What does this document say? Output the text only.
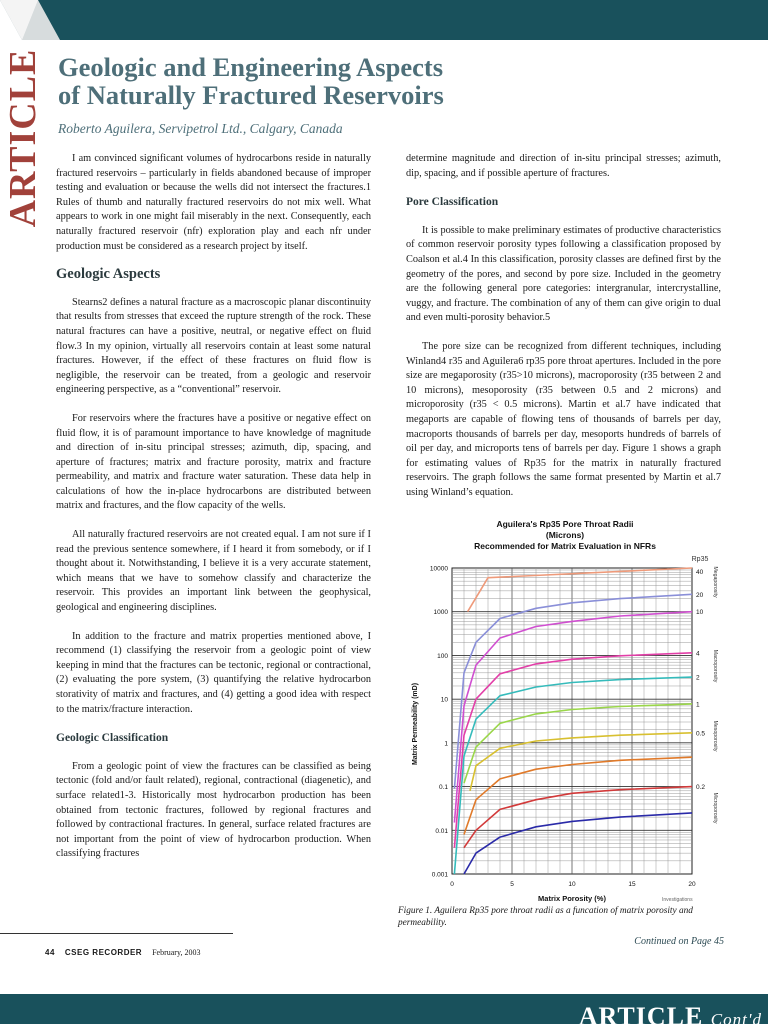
ARTICLE Geologic and Engineering Aspects
of Naturally Fractured Reservoirs

Roberto Aguilera, Servipetrol Ltd., Calgary, Canada

I am convinced significant volumes of hydrocarbons reside in naturally fractured reservoirs – particularly in fields abandoned because of improper testing and evaluation or because the wells did not intersect the fractures.1 Rules of thumb and naturally fractured reservoirs do not mix well. What appears to work in one might fail miserably in the next. Consequently, each naturally fractured reservoir (nfr) exploration play and each nfr under production must be considered as a research project by itself.

Geologic Aspects

Stearns2 defines a natural fracture as a macroscopic planar discontinuity that results from stresses that exceed the rupture strength of the rock. These natural fractures can have a positive, neutral, or negative effect on fluid flow.3 In my opinion, virtually all reservoirs contain at least some natural fractures. However, if the effect of these fractures on fluid flow is negligible, the reservoir can be treated, from a geologic and reservoir engineering perspective, as a “conventional” reservoir.

For reservoirs where the fractures have a positive or negative effect on fluid flow, it is of paramount importance to have knowledge of magnitude and direction of in-situ principal stresses; azimuth, dip, spacing, and aperture of fractures; matrix and fracture porosity, matrix and fracture permeability, and matrix and fracture water saturation. These data help in calculations of how the in-place hydrocarbons are distributed between matrix and fractures, and the flow capacity of the wells.

All naturally fractured reservoirs are not created equal. I am not sure if I read the previous sentence somewhere, if I heard it from somebody, or if I thought about it. Notwithstanding, I believe it is a very accurate statement, which means that we have to somehow classify and characterize the reservoir. This provides an important link between the geophysical, geological and engineering disciplines.

In addition to the fracture and matrix properties mentioned above, I recommend (1) classifying the reservoir from a geologic point of view keeping in mind that the fractures can be tectonic, regional or contractional, (2) evaluating the pore system, (3) quantifying the relative hydrocarbon storativity of matrix and fractures, and (4) getting a good idea with respect to the matrix/fracture interaction.

Geologic Classification

From a geologic point of view the fractures can be classified as being tectonic (fold and/or fault related), regional, contractional (diagenetic), and surface related1-3. Historically most hydrocarbon production has been obtained from tectonic fractures, followed by regional fractures and followed by contractional fractures. In general, surface related fractures are not important from the point of view of hydrocarbon production. When classifying fractures

determine magnitude and direction of in-situ principal stresses; azimuth, dip, spacing, and if possible aperture of fractures.

Pore Classification

It is possible to make preliminary estimates of productive characteristics of common reservoir porosity types following a classification proposed by Coalson et al.4 In this classification, porosity classes are defined first by the geometry of the pores, and second by pore size. Included in the geometry are the following general pore categories: intergranular, intercrystalline, vuggy, and fracture. The combination of any of them can give origin to dual and even multi-porosity behavior.5

The pore size can be recognized from different techniques, including Winland4 r35 and Aguilera6 rp35 pore throat apertures. Included in the pore size are megaporosity (r35>10 microns), macroporosity (r35 between 2 and 10 microns), mesoporosity (r35 between 0.5 and 2 microns) and microporosity (r35 < 0.5 microns). Martin et al.7 have indicated that megaports are capable of flowing tens of thousands of barrels per day, macroports thousands of barrels per day, mesoports hundreds of barrels of oil per day, and microports tens of barrels per day. Figure 1 shows a graph for estimating values of Rp35 for the matrix in naturally fractured reservoirs. The graph follows the same format presented by Martin et al.7 using Winland’s equation.

Aguilera's Rp35 Pore Throat Radii
(Microns)
Recommended for Matrix Evaluation in NFRs
Rp35
Matrix Permeability (mD)
Matrix Porosity (%)	Investigations
10000
1000
100
10
1
0.1
0.01
0.001
0	5	10	15	20
40
20
10
4
2
1
0.5
0.2
Megaporosity
Macroporosity
Mesoporosity
Microporosity

Figure 1. Aguilera Rp35 pore throat radii as a funcation of matrix porosity and permeability.

Continued on Page 45

44 CSEG RECORDER February, 2003
ARTICLE Cont'd
